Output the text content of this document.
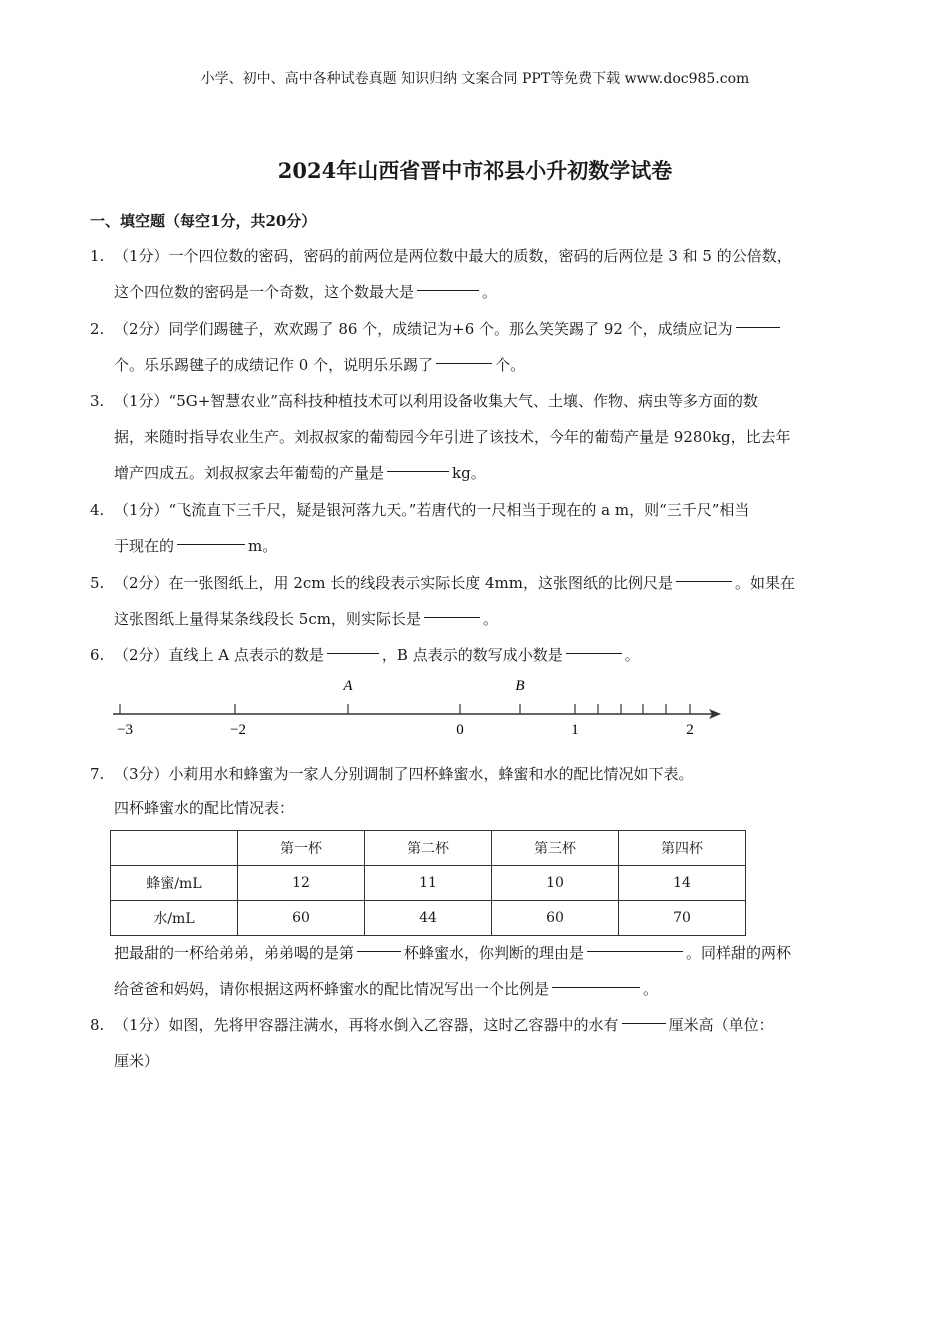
小学、初中、高中各种试卷真题 知识归纳 文案合同 PPT等免费下载 www.doc985.com
2024年山西省晋中市祁县小升初数学试卷
一、填空题（每空1分，共20分）
1. （1分）一个四位数的密码，密码的前两位是两位数中最大的质数，密码的后两位是 3 和 5 的公倍数，
这个四位数的密码是一个奇数，这个数最大是	。
2. （2分）同学们踢毽子，欢欢踢了 86 个，成绩记为+6 个。那么笑笑踢了 92 个，成绩应记为
个。乐乐踢毽子的成绩记作 0 个，说明乐乐踢了	个。
3. （1分）“5G+智慧农业”高科技种植技术可以利用设备收集大气、土壤、作物、病虫等多方面的数
据，来随时指导农业生产。刘叔叔家的葡萄园今年引进了该技术，今年的葡萄产量是 9280kg，比去年
增产四成五。刘叔叔家去年葡萄的产量是	kg。
4. （1分）“飞流直下三千尺，疑是银河落九天。”若唐代的一尺相当于现在的 a m，则“三千尺”相当
于现在的	m。
5. （2分）在一张图纸上，用 2cm 长的线段表示实际长度 4mm，这张图纸的比例尺是	。如果在
这张图纸上量得某条线段长 5cm，则实际长是	。
6. （2分）直线上 A 点表示的数是	，B 点表示的数写成小数是	。
A	B
−3	−2	0	1	2
7. （3分）小莉用水和蜂蜜为一家人分别调制了四杯蜂蜜水，蜂蜜和水的配比情况如下表。
四杯蜂蜜水的配比情况表：
	第一杯	第二杯	第三杯	第四杯
蜂蜜/mL	12	11	10	14
水/mL	60	44	60	70
把最甜的一杯给弟弟，弟弟喝的是第	杯蜂蜜水，你判断的理由是	。同样甜的两杯
给爸爸和妈妈，请你根据这两杯蜂蜜水的配比情况写出一个比例是	。
8. （1分）如图，先将甲容器注满水，再将水倒入乙容器，这时乙容器中的水有	厘米高（单位：
厘米）
